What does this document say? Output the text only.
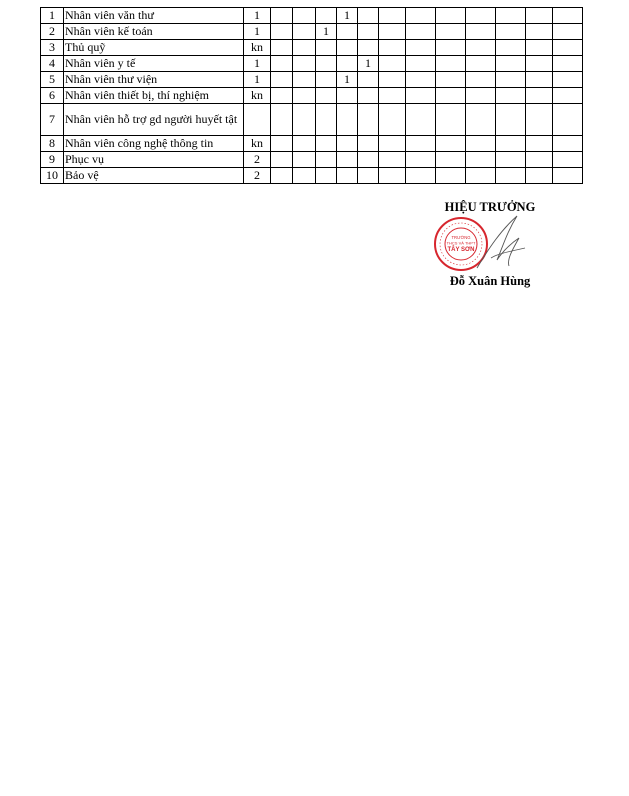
1	Nhân viên văn thư	1				1								
2	Nhân viên kế toán	1			1									
3	Thủ quỹ	kn												
4	Nhân viên y tế	1					1							
5	Nhân viên thư viện	1				1								
6	Nhân viên thiết bị, thí nghiệm	kn												
7	Nhân viên hỗ trợ gd người huyết tật													
8	Nhân viên công nghệ thông tin	kn												
9	Phục vụ	2												
10	Bảo vệ	2												
HIỆU TRƯỞNG
TRƯỜNG
THCS VÀ THPT
TÂY SƠN
Đỗ Xuân Hùng
